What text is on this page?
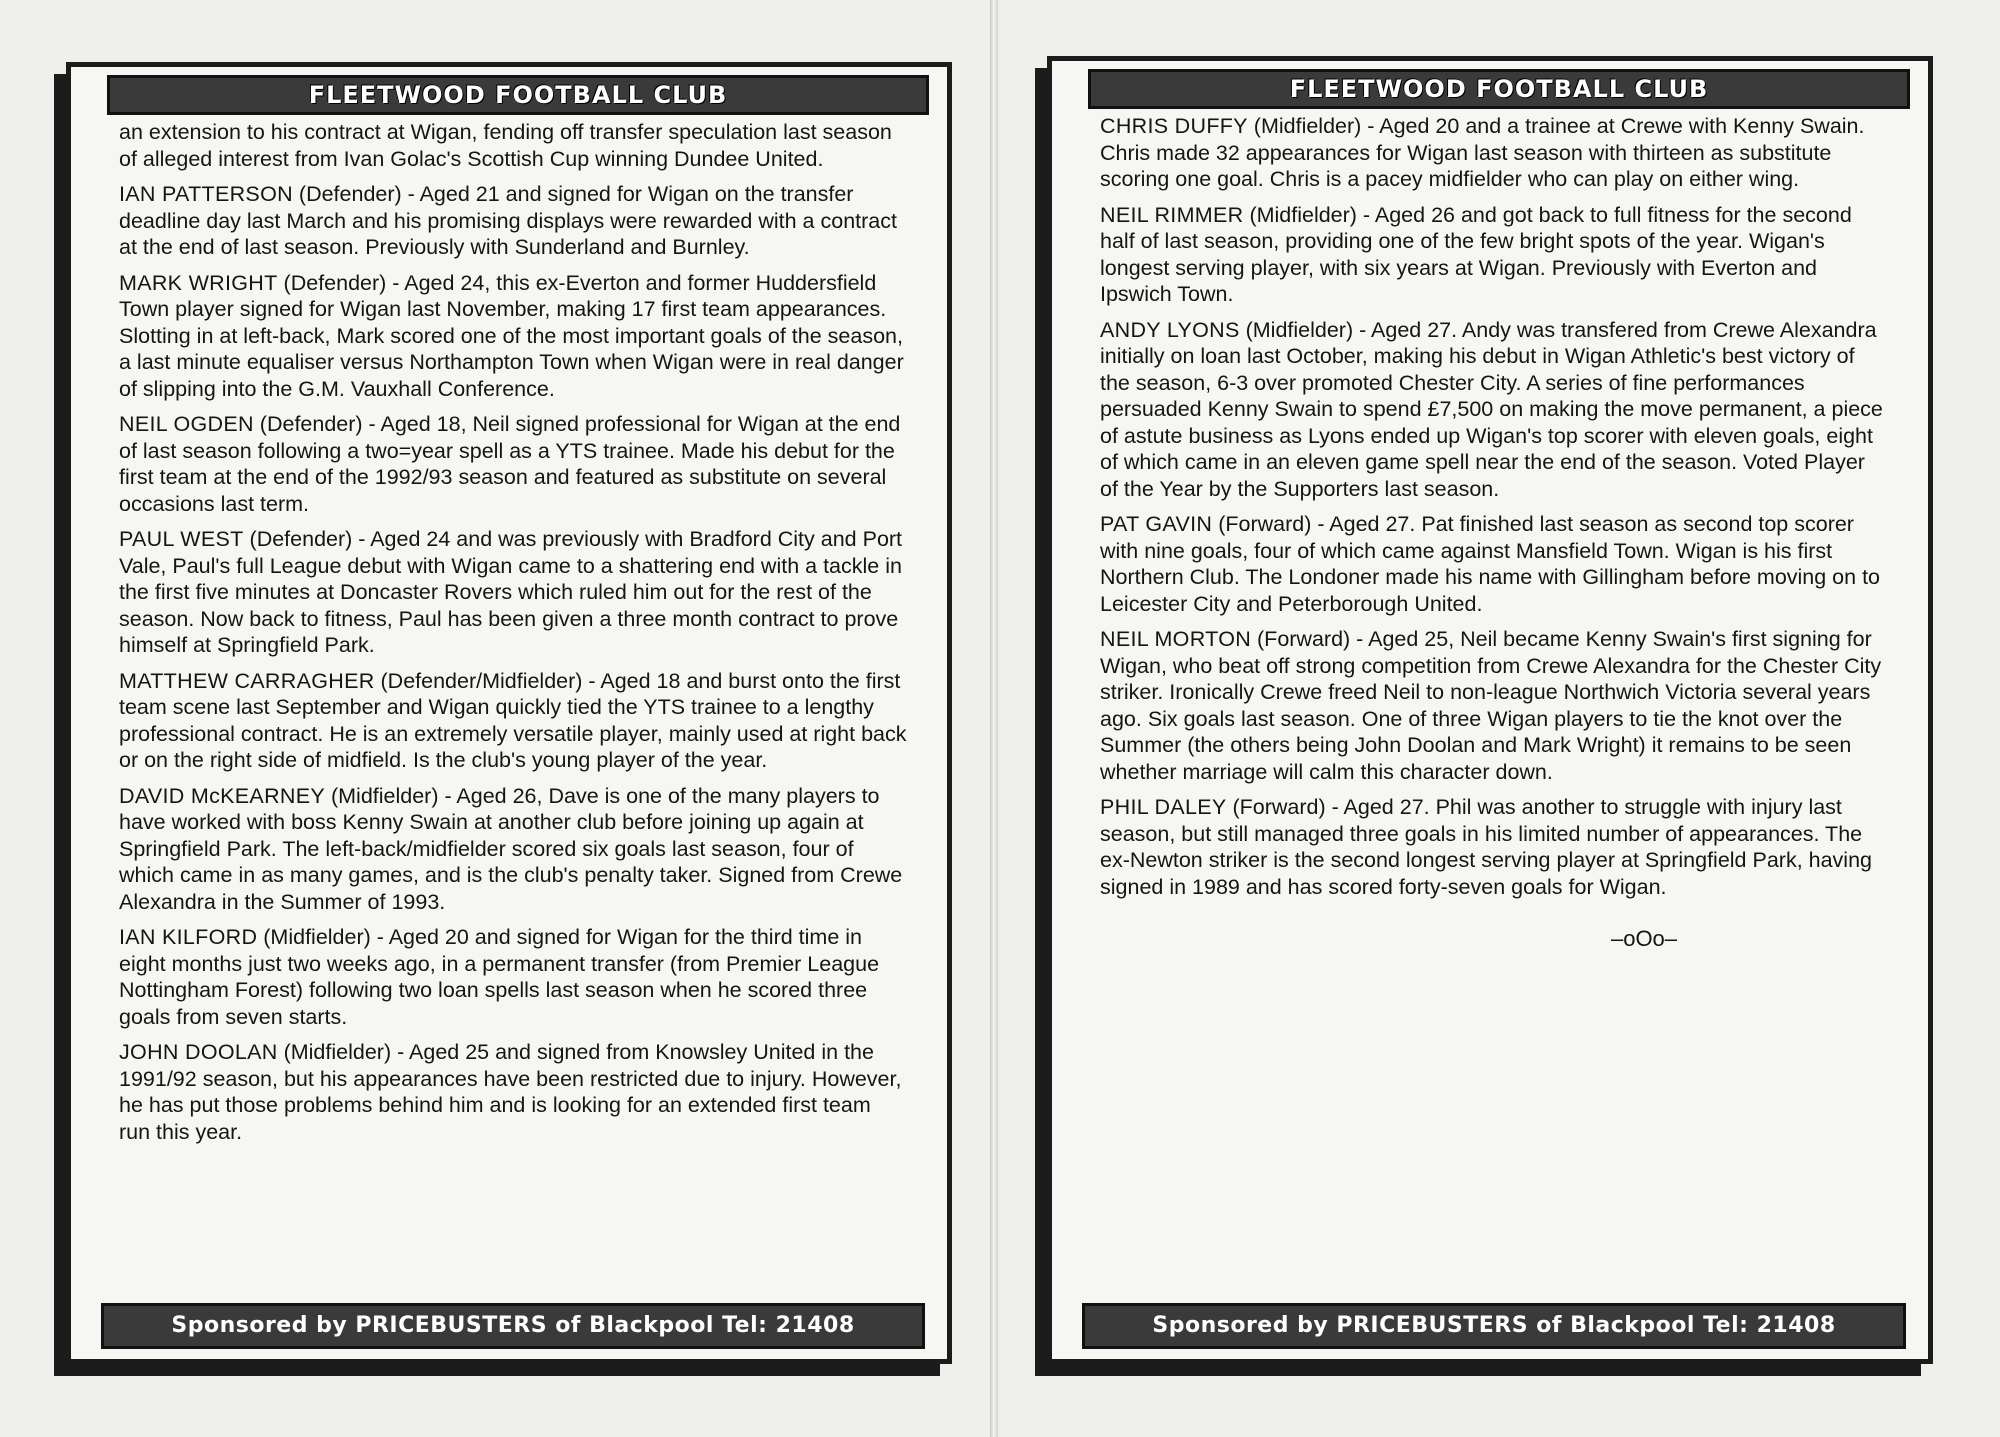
FLEETWOOD FOOTBALL CLUB

an extension to his contract at Wigan, fending off transfer speculation last season of alleged interest from Ivan Golac's Scottish Cup winning Dundee United.

IAN PATTERSON (Defender) - Aged 21 and signed for Wigan on the transfer deadline day last March and his promising displays were rewarded with a contract at the end of last season. Previously with Sunderland and Burnley.

MARK WRIGHT (Defender) - Aged 24, this ex-Everton and former Huddersfield Town player signed for Wigan last November, making 17 first team appearances. Slotting in at left-back, Mark scored one of the most important goals of the season, a last minute equaliser versus Northampton Town when Wigan were in real danger of slipping into the G.M. Vauxhall Conference.

NEIL OGDEN (Defender) - Aged 18, Neil signed professional for Wigan at the end of last season following a two=year spell as a YTS trainee. Made his debut for the first team at the end of the 1992/93 season and featured as substitute on several occasions last term.

PAUL WEST (Defender) - Aged 24 and was previously with Bradford City and Port Vale, Paul's full League debut with Wigan came to a shattering end with a tackle in the first five minutes at Doncaster Rovers which ruled him out for the rest of the season. Now back to fitness, Paul has been given a three month contract to prove himself at Springfield Park.

MATTHEW CARRAGHER (Defender/Midfielder) - Aged 18 and burst onto the first team scene last September and Wigan quickly tied the YTS trainee to a lengthy professional contract. He is an extremely versatile player, mainly used at right back or on the right side of midfield. Is the club's young player of the year.

DAVID McKEARNEY (Midfielder) - Aged 26, Dave is one of the many players to have worked with boss Kenny Swain at another club before joining up again at Springfield Park. The left-back/midfielder scored six goals last season, four of which came in as many games, and is the club's penalty taker. Signed from Crewe Alexandra in the Summer of 1993.

IAN KILFORD (Midfielder) - Aged 20 and signed for Wigan for the third time in eight months just two weeks ago, in a permanent transfer (from Premier League Nottingham Forest) following two loan spells last season when he scored three goals from seven starts.

JOHN DOOLAN (Midfielder) - Aged 25 and signed from Knowsley United in the 1991/92 season, but his appearances have been restricted due to injury. However, he has put those problems behind him and is looking for an extended first team run this year.

Sponsored by PRICEBUSTERS of Blackpool Tel: 21408
FLEETWOOD FOOTBALL CLUB

CHRIS DUFFY (Midfielder) - Aged 20 and a trainee at Crewe with Kenny Swain. Chris made 32 appearances for Wigan last season with thirteen as substitute scoring one goal. Chris is a pacey midfielder who can play on either wing.

NEIL RIMMER (Midfielder) - Aged 26 and got back to full fitness for the second half of last season, providing one of the few bright spots of the year. Wigan's longest serving player, with six years at Wigan. Previously with Everton and Ipswich Town.

ANDY LYONS (Midfielder) - Aged 27. Andy was transfered from Crewe Alexandra initially on loan last October, making his debut in Wigan Athletic's best victory of the season, 6-3 over promoted Chester City. A series of fine performances persuaded Kenny Swain to spend £7,500 on making the move permanent, a piece of astute business as Lyons ended up Wigan's top scorer with eleven goals, eight of which came in an eleven game spell near the end of the season. Voted Player of the Year by the Supporters last season.

PAT GAVIN (Forward) - Aged 27. Pat finished last season as second top scorer with nine goals, four of which came against Mansfield Town. Wigan is his first Northern Club. The Londoner made his name with Gillingham before moving on to Leicester City and Peterborough United.

NEIL MORTON (Forward) - Aged 25, Neil became Kenny Swain's first signing for Wigan, who beat off strong competition from Crewe Alexandra for the Chester City striker. Ironically Crewe freed Neil to non-league Northwich Victoria several years ago. Six goals last season. One of three Wigan players to tie the knot over the Summer (the others being John Doolan and Mark Wright) it remains to be seen whether marriage will calm this character down.

PHIL DALEY (Forward) - Aged 27. Phil was another to struggle with injury last season, but still managed three goals in his limited number of appearances. The ex-Newton striker is the second longest serving player at Springfield Park, having signed in 1989 and has scored forty-seven goals for Wigan.

–oOo–

Sponsored by PRICEBUSTERS of Blackpool Tel: 21408
